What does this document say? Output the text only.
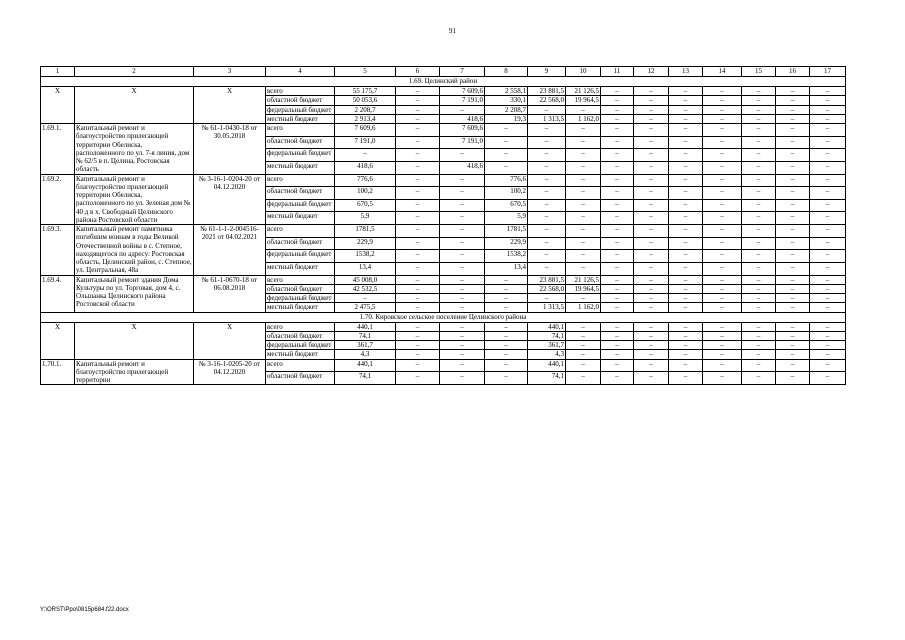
91
1	2	3	4	5	6	7	8	9	10	11	12	13	14	15	16	17
1.69. Целинский район																
X	X	X	всего	55 175,7	–	7 609,6	2 558,1	23 881,5	21 126,5	–	–	–	–	–	–	–
			областной бюджет	50 053,6	–	7 191,0	330,1	22 568,0	19 964,5	–	–	–	–	–	–	–
			федеральный бюджет	2 208,7	–	–	2 208,7	–	–	–	–	–	–	–	–	–
			местный бюджет	2 913,4	–	418,6	19,3	1 313,5	1 162,0	–	–	–	–	–	–	–
1.69.1.	Капитальный ремонт и благоустройство прилегающей территории Обелиска, расположенного по ул. 7-я линия, дом № 62/5 в п. Целина, Ростовская область	№ 61-1-0430-18 от 30.05.2018	всего	7 609,6	–	7 609,6	–	–	–	–	–	–	–	–	–	–
			областной бюджет	7 191,0	–	7 191,0	–	–	–	–	–	–	–	–	–	–
			федеральный бюджет	–	–	–	–	–	–	–	–	–	–	–	–	–
			местный бюджет	418,6	–	418,6	–	–	–	–	–	–	–	–	–	–
1.69.2.	Капитальный ремонт и благоустройство прилегающей территории Обелиска, расположенного по ул. Зеленая дом № 40 д в х. Свободный Целинского района Ростовской области	№ 3-16-1-0204-20 от 04.12.2020	всего	776,6	–	–	776,6	–	–	–	–	–	–	–	–	–
			областной бюджет	100,2	–	–	100,2	–	–	–	–	–	–	–	–	–
			федеральный бюджет	670,5	–	–	670,5	–	–	–	–	–	–	–	–	–
			местный бюджет	5,9	–	–	5,9	–	–	–	–	–	–	–	–	–
1.69.3.	Капитальный ремонт памятника погибшим воинам в годы Великой Отечественной войны в с. Степное, находящегося по адресу: Ростовская область, Целинский район, с. Степное, ул. Центральная, 48а	№ 61-1-1-2-004516-2021 от 04.02.2021	всего	1781,5	–	–	1781,5	–	–	–	–	–	–	–	–	–
			областной бюджет	229,9	–	–	229,9	–	–	–	–	–	–	–	–	–
			федеральный бюджет	1538,2	–	–	1538,2	–	–	–	–	–	–	–	–	–
			местный бюджет	13,4	–	–	13,4	–	–	–	–	–	–	–	–	–
1.69.4.	Капитальный ремонт здания Дома Культуры по ул. Торговая, дом 4, с. Ольшанка Целинского района Ростовской области	№ 61-1-0670-18 от 06.08.2018	всего	45 008,0	–	–	–	23 881,5	21 126,5	–	–	–	–	–	–	–
			областной бюджет	42 532,5	–	–	–	22 568,0	19 964,5	–	–	–	–	–	–	–
			федеральный бюджет	–	–	–	–	–	–	–	–	–	–	–	–	–
			местный бюджет	2 475,5	–	–	–	1 313,5	1 162,0	–	–	–	–	–	–	–
1.70. Кировское сельское поселение Целинского района																
X	X	X	всего	440,1	–	–	–	440,1	–	–	–	–	–	–	–	–
			областной бюджет	74,1	–	–	–	74,1	–	–	–	–	–	–	–	–
			федеральный бюджет	361,7	–	–	–	361,7	–	–	–	–	–	–	–	–
			местный бюджет	4,3	–	–	–	4,3	–	–	–	–	–	–	–	–
1.70.1.	Капитальный ремонт и благоустройство прилегающей территории	№ 3-16-1-0205-20 от 04.12.2020	всего	440,1	–	–	–	440,1	–	–	–	–	–	–	–	–
			областной бюджет	74,1	–	–	–	74,1	–	–	–	–	–	–	–	–
Y:\ORST\Ppo\0815p684.f22.docx
